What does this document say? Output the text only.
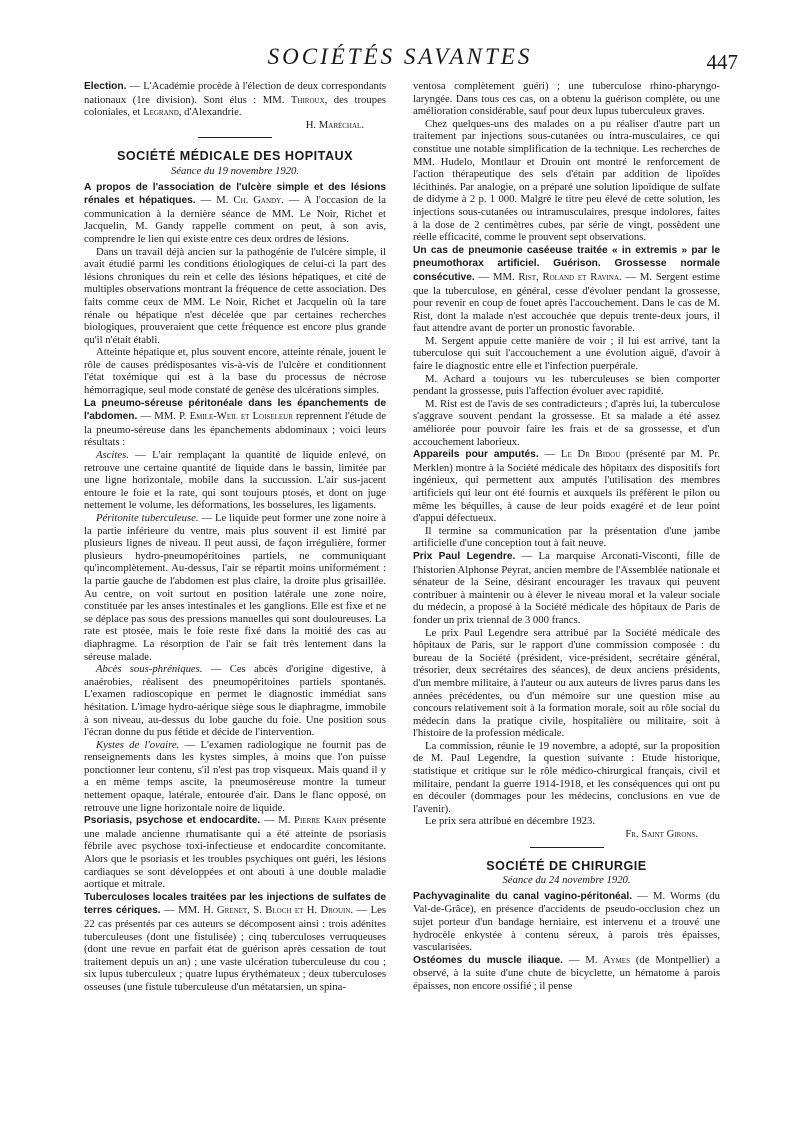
SOCIÉTÉS SAVANTES	447

Election. — L'Académie procède à l'élection de deux correspondants nationaux (1re division). Sont élus : MM. Thiroux, des troupes coloniales, et Legrand, d'Alexandrie.

H. Maréchal.

SOCIÉTÉ MÉDICALE DES HOPITAUX
Séance du 19 novembre 1920.

A propos de l'association de l'ulcère simple et des lésions rénales et hépatiques. — M. Ch. Gandy. — A l'occasion de la communication à la dernière séance de MM. Le Noir, Richet et Jacquelin, M. Gandy rappelle comment on peut, à son avis, comprendre le lien qui existe entre ces deux ordres de lésions.

Dans un travail déjà ancien sur la pathogénie de l'ulcère simple, il avait étudié parmi les conditions étiologiques de celui-ci la part des lésions chroniques du rein et celle des lésions hépatiques, et cité de multiples observations montrant la fréquence de cette association. Des faits comme ceux de MM. Le Noir, Richet et Jacquelin où la tare rénale ou hépatique n'est décelée que par certaines recherches biologiques, prouveraient que cette fréquence est encore plus grande qu'il n'était établi.

Atteinte hépatique et, plus souvent encore, atteinte rénale, jouent le rôle de causes prédisposantes vis-à-vis de l'ulcère et conditionnent l'état toxémique qui est à la base du processus de nécrose hémorragique, seul mode constaté de genèse des ulcérations simples.

La pneumo-séreuse péritonéale dans les épanchements de l'abdomen. — MM. P. Emile-Weil et Loiseleur reprennent l'étude de la pneumo-séreuse dans les épanchements abdominaux ; voici leurs résultats :

Ascites. — L'air remplaçant la quantité de liquide enlevé, on retrouve une certaine quantité de liquide dans le bassin, limitée par une ligne horizontale, mobile dans la succussion. L'air sus-jacent entoure le foie et la rate, qui sont toujours ptosés, et dont on juge nettement le volume, les déformations, les bosselures, les ligaments.

Péritonite tuberculeuse. — Le liquide peut former une zone noire à la partie inférieure du ventre, mais plus souvent il est limité par plusieurs lignes de niveau. Il peut aussi, de façon irrégulière, former plusieurs hydro-pneumopéritoines partiels, ne communiquant qu'incomplètement. Au-dessus, l'air se répartit moins uniformément : la partie gauche de l'abdomen est plus claire, la droite plus grisaillée. Au centre, on voit surtout en position latérale une zone noire, constituée par les anses intestinales et les ganglions. Elle est fixe et ne se déplace pas sous des pressions manuelles qui sont douloureuses. La rate est ptosée, mais le foie reste fixé dans la moitié des cas au diaphragme. La résorption de l'air se fait très lentement dans la séreuse malade.

Abcès sous-phréniques. — Ces abcès d'origine digestive, à anaérobies, réalisent des pneumopéritoines partiels spontanés. L'examen radioscopique en permet le diagnostic immédiat sans hésitation. L'image hydro-aérique siège sous le diaphragme, immobile à son niveau, au-dessus du lobe gauche du foie. Une position sous l'écran donne du pus fétide et décide de l'intervention.

Kystes de l'ovaire. — L'examen radiologique ne fournit pas de renseignements dans les kystes simples, à moins que l'on puisse ponctionner leur contenu, s'il n'est pas trop visqueux. Mais quand il y a en même temps ascite, la pneumoséreuse montre la tumeur nettement opaque, latérale, entourée d'air. Dans le flanc opposé, on retrouve une ligne horizontale noire de liquide.

Psoriasis, psychose et endocardite. — M. Pierre Kahn présente une malade ancienne rhumatisante qui a été atteinte de psoriasis fébrile avec psychose toxi-infectieuse et endocardite concomitante. Alors que le psoriasis et les troubles psychiques ont guéri, les lésions cardiaques se sont développées et ont abouti à une double maladie aortique et mitrale.

Tuberculoses locales traitées par les injections de sulfates de terres cériques. — MM. H. Grenet, S. Bloch et H. Drouin. — Les 22 cas présentés par ces auteurs se décomposent ainsi : trois adénites tuberculeuses (dont une fistulisée) ; cinq tuberculoses verruqueuses (dont une revue en parfait état de guérison après cessation de tout traitement depuis un an) ; une vaste ulcération tuberculeuse du cou ; six lupus tuberculeux ; quatre lupus érythémateux ; deux tuberculoses osseuses (une fistule tuberculeuse d'un métatarsien, un spina-

ventosa complètement guéri) ; une tuberculose rhino-pharyngo-laryngée. Dans tous ces cas, on a obtenu la guérison complète, ou une amélioration considérable, sauf pour deux lupus tuberculeux graves.

Chez quelques-uns des malades on a pu réaliser d'autre part un traitement par injections sous-cutanées ou intra-musculaires, ce qui constitue une notable simplification de la technique. Les recherches de MM. Hudelo, Montlaur et Drouin ont montré le renforcement de l'action thérapeutique des sels d'étain par addition de lipoïdes lécithinés. Par analogie, on a préparé une solution lipoïdique de sulfate de didyme à 2 p. 1 000. Malgré le titre peu élevé de cette solution, les injections sous-cutanées ou intramusculaires, presque indolores, faites à la dose de 2 centimètres cubes, par série de vingt, possèdent une réelle efficacité, comme le prouvent sept observations.

Un cas de pneumonie caséeuse traitée « in extremis » par le pneumothorax artificiel. Guérison. Grossesse normale consécutive. — MM. Rist, Roland et Ravina. — M. Sergent estime que la tuberculose, en général, cesse d'évoluer pendant la grossesse, pour revenir en coup de fouet après l'accouchement. Dans le cas de M. Rist, dont la malade n'est accouchée que depuis trente-deux jours, il faut attendre avant de porter un pronostic favorable.

M. Sergent appuie cette manière de voir ; il lui est arrivé, tant la tuberculose qui suit l'accouchement a une évolution aiguë, d'avoir à faire le diagnostic entre elle et l'infection puerpérale.

M. Achard a toujours vu les tuberculeuses se bien comporter pendant la grossesse, puis l'affection évoluer avec rapidité.

M. Rist est de l'avis de ses contradicteurs ; d'après lui, la tuberculose s'aggrave souvent pendant la grossesse. Et sa malade a été assez améliorée pour pouvoir faire les frais et de sa grossesse, et d'un accouchement laborieux.

Appareils pour amputés. — Le Dr Bidou (présenté par M. Pr. Merklen) montre à la Société médicale des hôpitaux des dispositifs fort ingénieux, qui permettent aux amputés l'utilisation des membres artificiels qui leur ont été fournis et auxquels ils préfèrent le pilon ou même les béquilles, à cause de leur poids exagéré et de leur point d'appui défectueux.

Il termine sa communication par la présentation d'une jambe artificielle d'une conception tout à fait neuve.

Prix Paul Legendre. — La marquise Arconati-Visconti, fille de l'historien Alphonse Peyrat, ancien membre de l'Assemblée nationale et sénateur de la Seine, désirant encourager les travaux qui peuvent contribuer à maintenir ou à élever le niveau moral et la valeur sociale du médecin, a proposé à la Société médicale des hôpitaux de Paris de fonder un prix triennal de 3 000 francs.

Le prix Paul Legendre sera attribué par la Société médicale des hôpitaux de Paris, sur le rapport d'une commission composée : du bureau de la Société (président, vice-président, secrétaire général, trésorier, deux secrétaires des séances), de deux anciens présidents, d'un membre militaire, à l'auteur ou aux auteurs de livres parus dans les années précédentes, ou d'un mémoire sur une question mise au concours relativement soit à la formation morale, soit au rôle social du médecin dans la pratique civile, hospitalière ou militaire, soit à l'histoire de la profession médicale.

La commission, réunie le 19 novembre, a adopté, sur la proposition de M. Paul Legendre, la question suivante : Etude historique, statistique et critique sur le rôle médico-chirurgical français, civil et militaire, pendant la guerre 1914-1918, et les conséquences qui ont pu en découler (dommages pour les médecins, conclusions en vue de l'avenir).

Le prix sera attribué en décembre 1923.

Fr. Saint Girons.

SOCIÉTÉ DE CHIRURGIE
Séance du 24 novembre 1920.

Pachyvaginalite du canal vagino-péritonéal. — M. Worms (du Val-de-Grâce), en présence d'accidents de pseudo-occlusion chez un sujet porteur d'un bandage herniaire, est intervenu et a trouvé une hydrocèle enkystée à contenu séreux, à parois très épaisses, vascularisées.

Ostéomes du muscle iliaque. — M. Aymes (de Montpellier) a observé, à la suite d'une chute de bicyclette, un hématome à parois épaisses, non encore ossifié ; il pense
